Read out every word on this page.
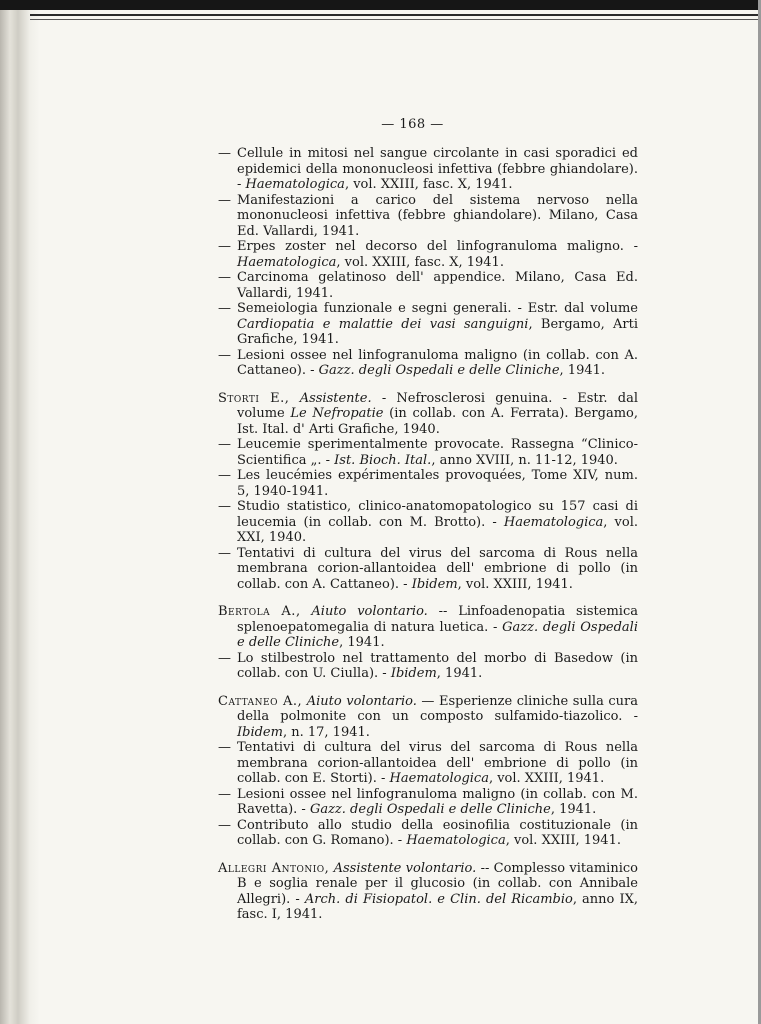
— 168 —
— Cellule in mitosi nel sangue circolante in casi sporadici ed epidemici della mononucleosi infettiva (febbre ghiandolare). - Haematologica, vol. XXIII, fasc. X, 1941.
— Manifestazioni a carico del sistema nervoso nella mononucleosi infettiva (febbre ghiandolare). Milano, Casa Ed. Vallardi, 1941.
— Erpes zoster nel decorso del linfogranuloma maligno. - Haematologica, vol. XXIII, fasc. X, 1941.
— Carcinoma gelatinoso dell' appendice. Milano, Casa Ed. Vallardi, 1941.
— Semeiologia funzionale e segni generali. - Estr. dal volume Cardiopatia e malattie dei vasi sanguigni, Bergamo, Arti Grafiche, 1941.
— Lesioni ossee nel linfogranuloma maligno (in collab. con A. Cattaneo). - Gazz. degli Ospedali e delle Cliniche, 1941.
Storti E., Assistente. - Nefrosclerosi genuina. - Estr. dal volume Le Nefropatie (in collab. con A. Ferrata). Bergamo, Ist. Ital. d' Arti Grafiche, 1940.
— Leucemie sperimentalmente provocate. Rassegna “Clinico-Scientifica „. - Ist. Bioch. Ital., anno XVIII, n. 11-12, 1940.
— Les leucémies expérimentales provoquées, Tome XIV, num. 5, 1940-1941.
— Studio statistico, clinico-anatomopatologico su 157 casi di leucemia (in collab. con M. Brotto). - Haematologica, vol. XXI, 1940.
— Tentativi di cultura del virus del sarcoma di Rous nella membrana corion-allantoidea dell' embrione di pollo (in collab. con A. Cattaneo). - Ibidem, vol. XXIII, 1941.
Bertola A., Aiuto volontario. -- Linfoadenopatia sistemica splenoepatomegalia di natura luetica. - Gazz. degli Ospedali e delle Cliniche, 1941.
— Lo stilbestrolo nel trattamento del morbo di Basedow (in collab. con U. Ciulla). - Ibidem, 1941.
Cattaneo A., Aiuto volontario. — Esperienze cliniche sulla cura della polmonite con un composto sulfamido-tiazolico. - Ibidem, n. 17, 1941.
— Tentativi di cultura del virus del sarcoma di Rous nella membrana corion-allantoidea dell' embrione di pollo (in collab. con E. Storti). - Haematologica, vol. XXIII, 1941.
— Lesioni ossee nel linfogranuloma maligno (in collab. con M. Ravetta). - Gazz. degli Ospedali e delle Cliniche, 1941.
— Contributo allo studio della eosinofilia costituzionale (in collab. con G. Romano). - Haematologica, vol. XXIII, 1941.
Allegri Antonio, Assistente volontario. -- Complesso vitaminico B e soglia renale per il glucosio (in collab. con Annibale Allegri). - Arch. di Fisiopatol. e Clin. del Ricambio, anno IX, fasc. I, 1941.
